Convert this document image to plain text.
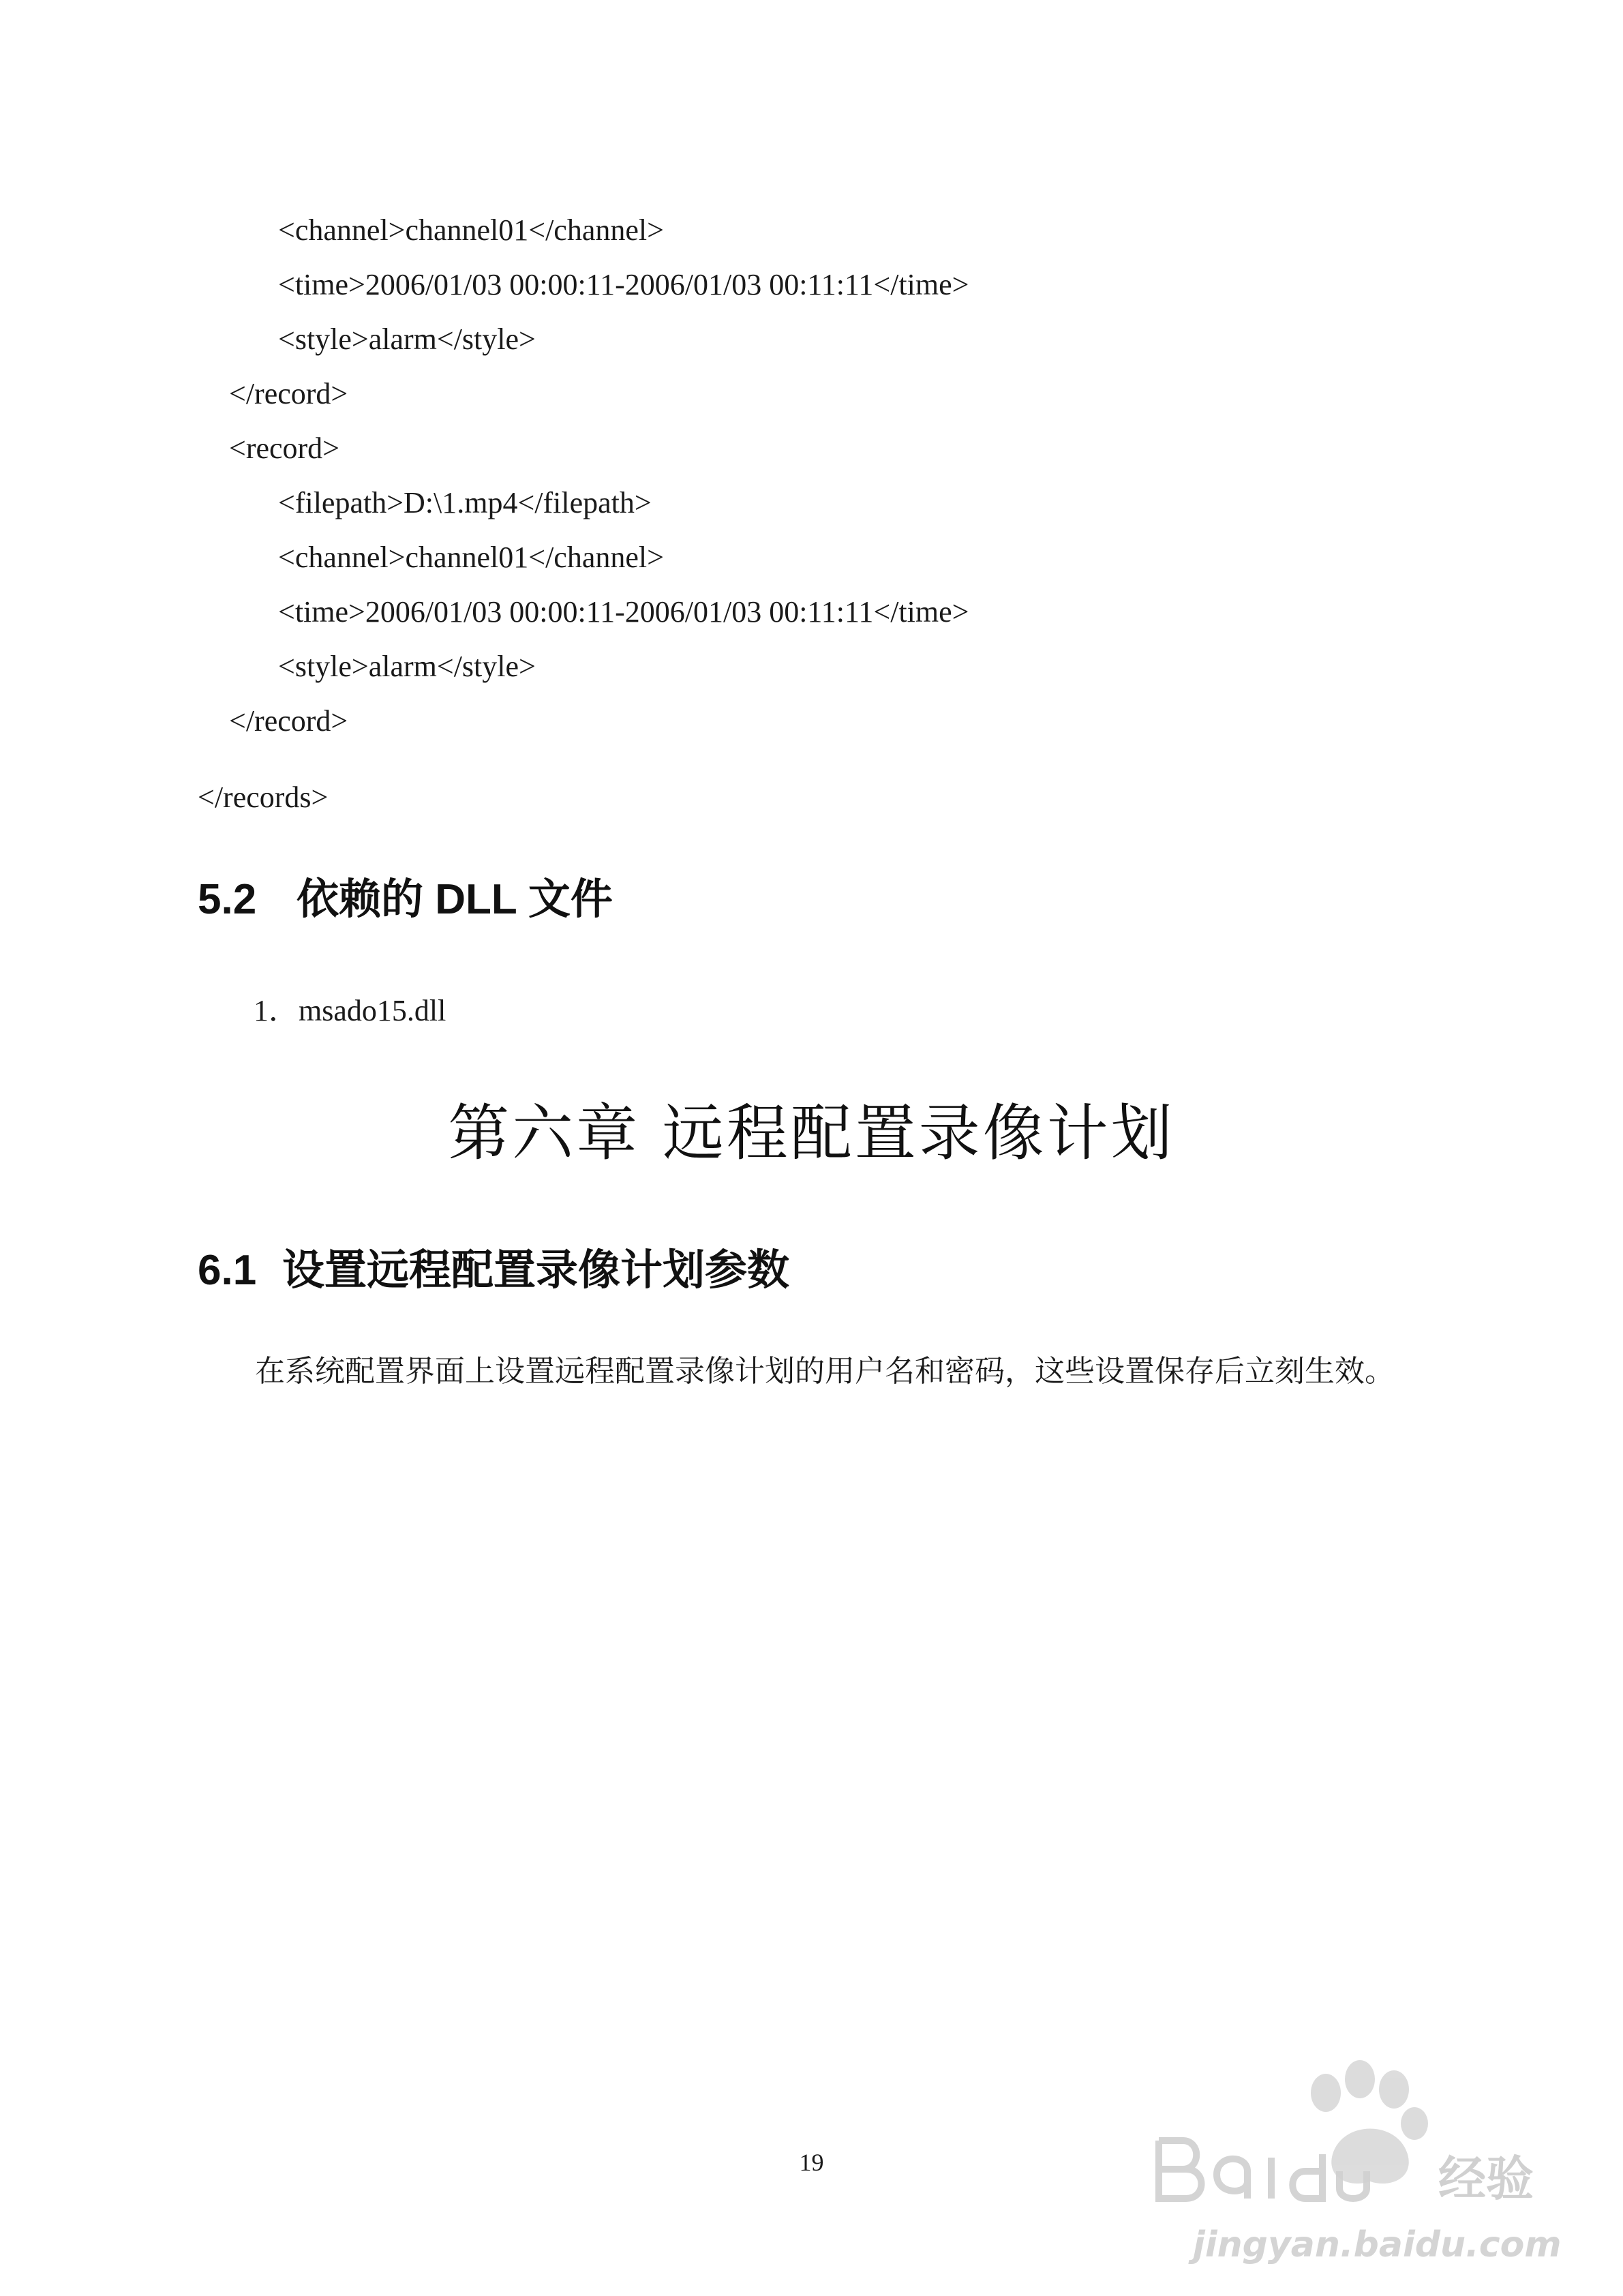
<channel>channel01</channel>
<time>2006/01/03 00:00:11-2006/01/03 00:11:11</time>
<style>alarm</style>
</record>
<record>
<filepath>D:\1.mp4</filepath>
<channel>channel01</channel>
<time>2006/01/03 00:00:11-2006/01/03 00:11:11</time>
<style>alarm</style>
</record>
</records>
5.2 依赖的 DLL 文件
1．msado15.dll
第六章 远程配置录像计划
6.1 设置远程配置录像计划参数
在系统配置界面上设置远程配置录像计划的用户名和密码，这些设置保存后立刻生效。
19	经验
jingyan.baidu.com
